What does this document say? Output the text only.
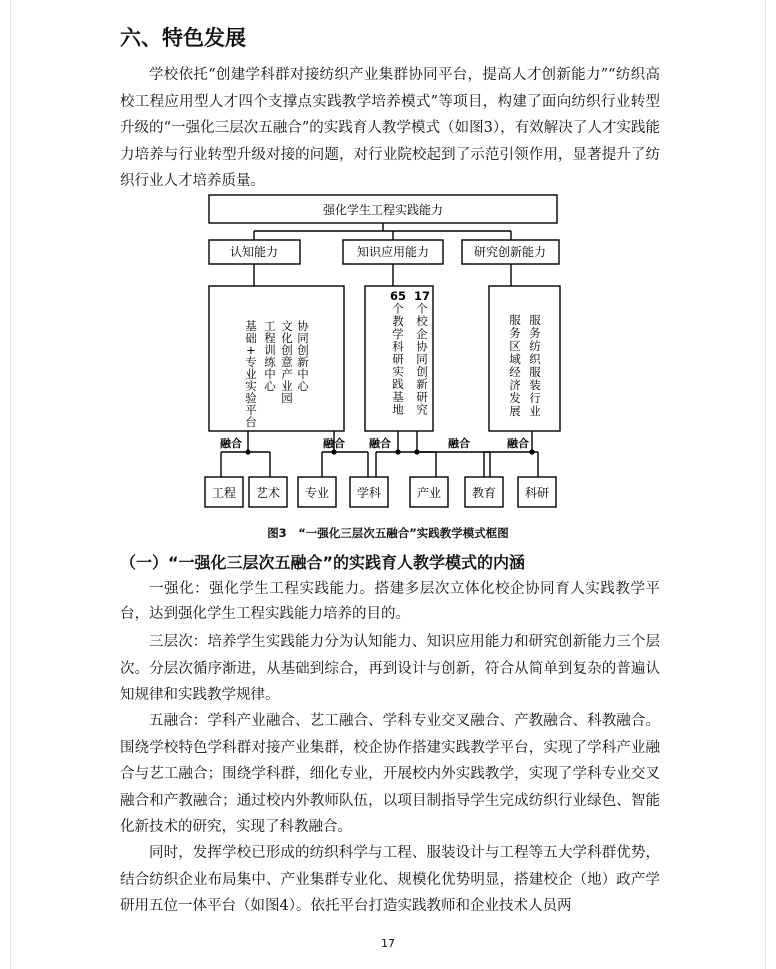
六、特色发展

学校依托“创建学科群对接纺织产业集群协同平台，提高人才创新能力”“纺织高校工程应用型人才四个支撑点实践教学培养模式”等项目，构建了面向纺织行业转型升级的“一强化三层次五融合”的实践育人教学模式（如图3），有效解决了人才实践能力培养与行业转型升级对接的问题，对行业院校起到了示范引领作用，显著提升了纺织行业人才培养质量。

强化学生工程实践能力
认知能力	知识应用能力	研究创新能力
协同创新中心
文化创意产业园
工程训练中心
基础+专业实验平台
17 个校企协同创新研究
65 个教学科研实践基地
服务纺织服装行业
服务区域经济发展
融合	融合 融合	融合	融合
工程 艺术 专业 学科	产业	教育 科研
图3　“一强化三层次五融合”实践教学模式框图
（一）“一强化三层次五融合”的实践育人教学模式的内涵

一强化：强化学生工程实践能力。搭建多层次立体化校企协同育人实践教学平台，达到强化学生工程实践能力培养的目的。

三层次：培养学生实践能力分为认知能力、知识应用能力和研究创新能力三个层次。分层次循序渐进，从基础到综合，再到设计与创新，符合从简单到复杂的普遍认知规律和实践教学规律。

五融合：学科产业融合、艺工融合、学科专业交叉融合、产教融合、科教融合。围绕学校特色学科群对接产业集群，校企协作搭建实践教学平台，实现了学科产业融合与艺工融合；围绕学科群，细化专业，开展校内外实践教学，实现了学科专业交叉融合和产教融合；通过校内外教师队伍，以项目制指导学生完成纺织行业绿色、智能化新技术的研究，实现了科教融合。

同时，发挥学校已形成的纺织科学与工程、服装设计与工程等五大学科群优势，结合纺织企业布局集中、产业集群专业化、规模化优势明显，搭建校企（地）政产学研用五位一体平台（如图4）。依托平台打造实践教师和企业技术人员两

17
